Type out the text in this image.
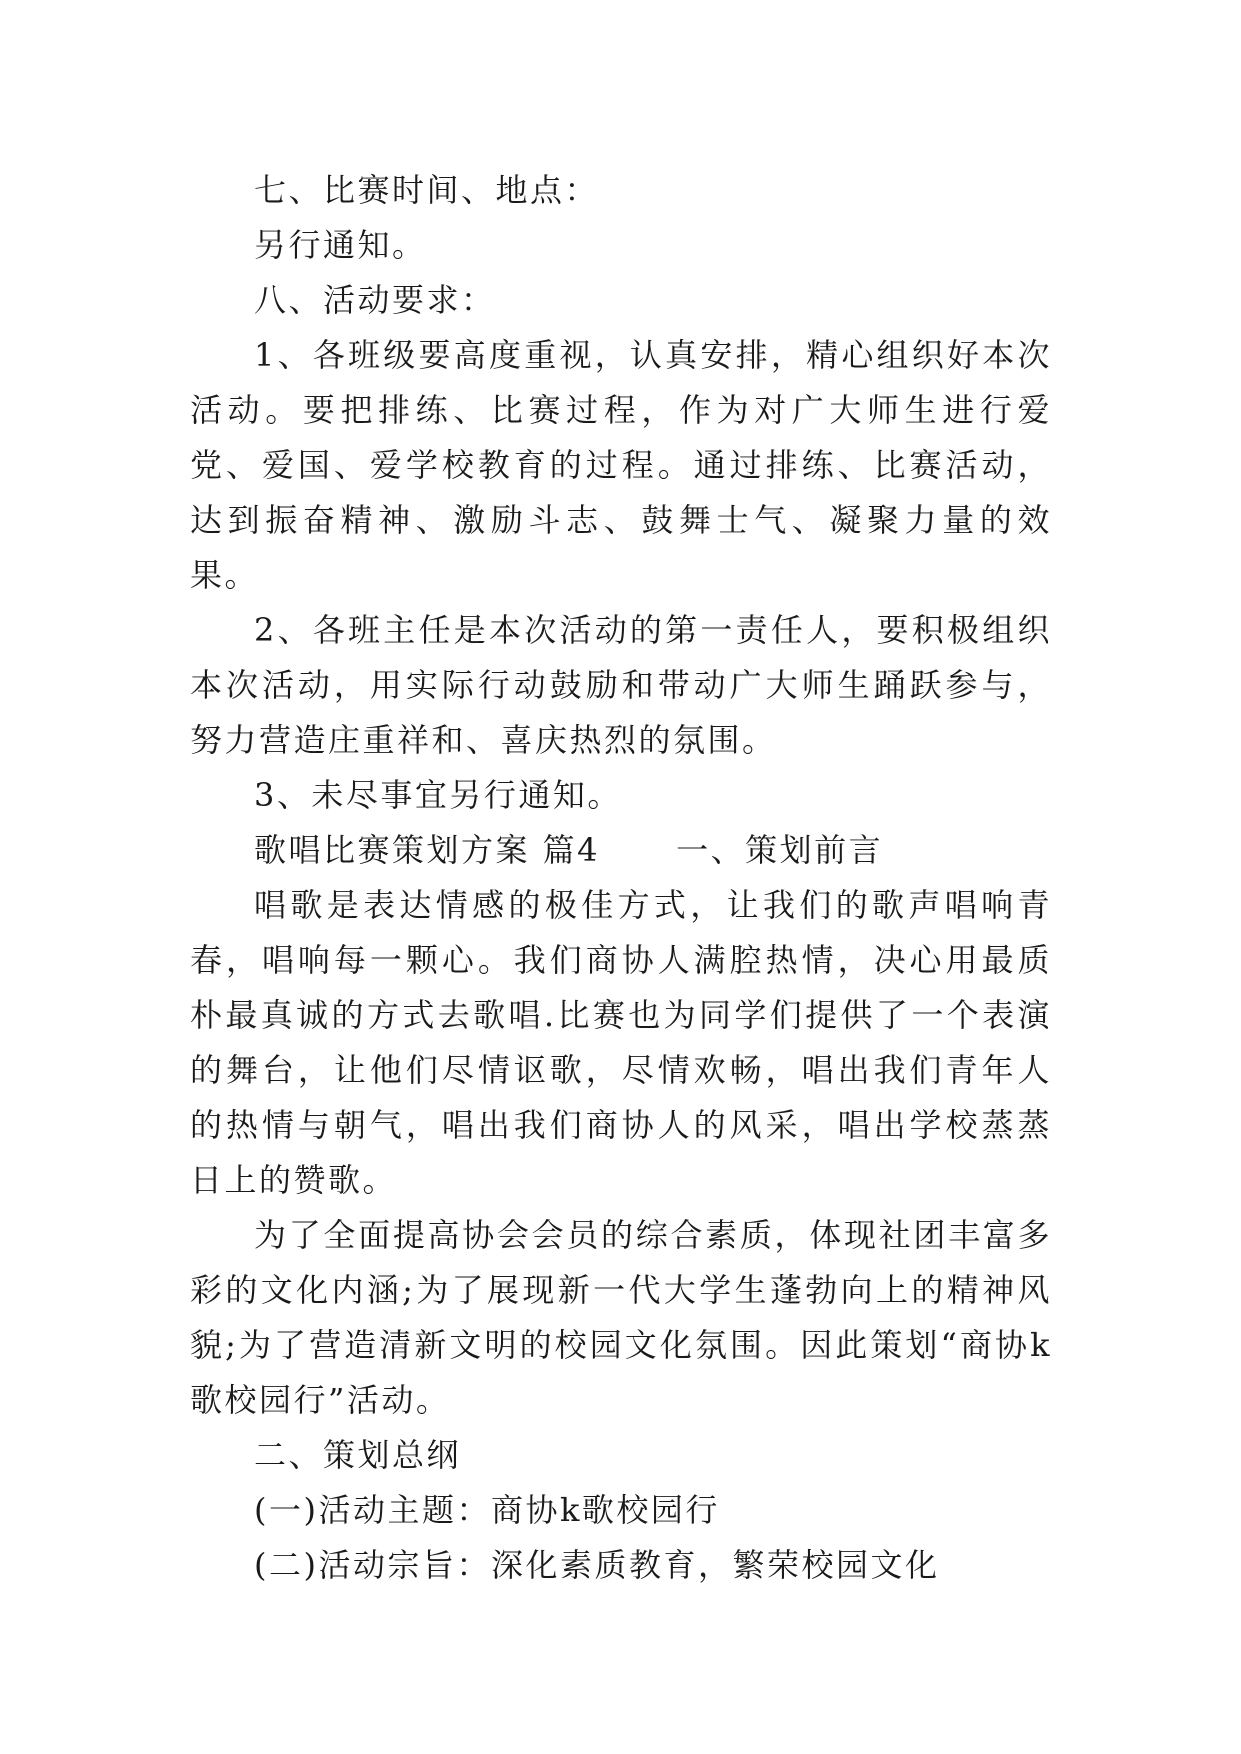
七、比赛时间、地点：

另行通知。

八、活动要求：

1、各班级要高度重视，认真安排，精心组织好本次活动。要把排练、比赛过程，作为对广大师生进行爱党、爱国、爱学校教育的过程。通过排练、比赛活动，达到振奋精神、激励斗志、鼓舞士气、凝聚力量的效果。

2、各班主任是本次活动的第一责任人，要积极组织本次活动，用实际行动鼓励和带动广大师生踊跃参与，努力营造庄重祥和、喜庆热烈的氛围。

3、未尽事宜另行通知。

歌唱比赛策划方案 篇4      一、策划前言

唱歌是表达情感的极佳方式，让我们的歌声唱响青春，唱响每一颗心。我们商协人满腔热情，决心用最质朴最真诚的方式去歌唱.比赛也为同学们提供了一个表演的舞台，让他们尽情讴歌，尽情欢畅，唱出我们青年人的热情与朝气，唱出我们商协人的风采，唱出学校蒸蒸日上的赞歌。

为了全面提高协会会员的综合素质，体现社团丰富多彩的文化内涵;为了展现新一代大学生蓬勃向上的精神风貌;为了营造清新文明的校园文化氛围。因此策划“商协k歌校园行”活动。

二、策划总纲

(一)活动主题：商协k歌校园行

(二)活动宗旨：深化素质教育，繁荣校园文化
